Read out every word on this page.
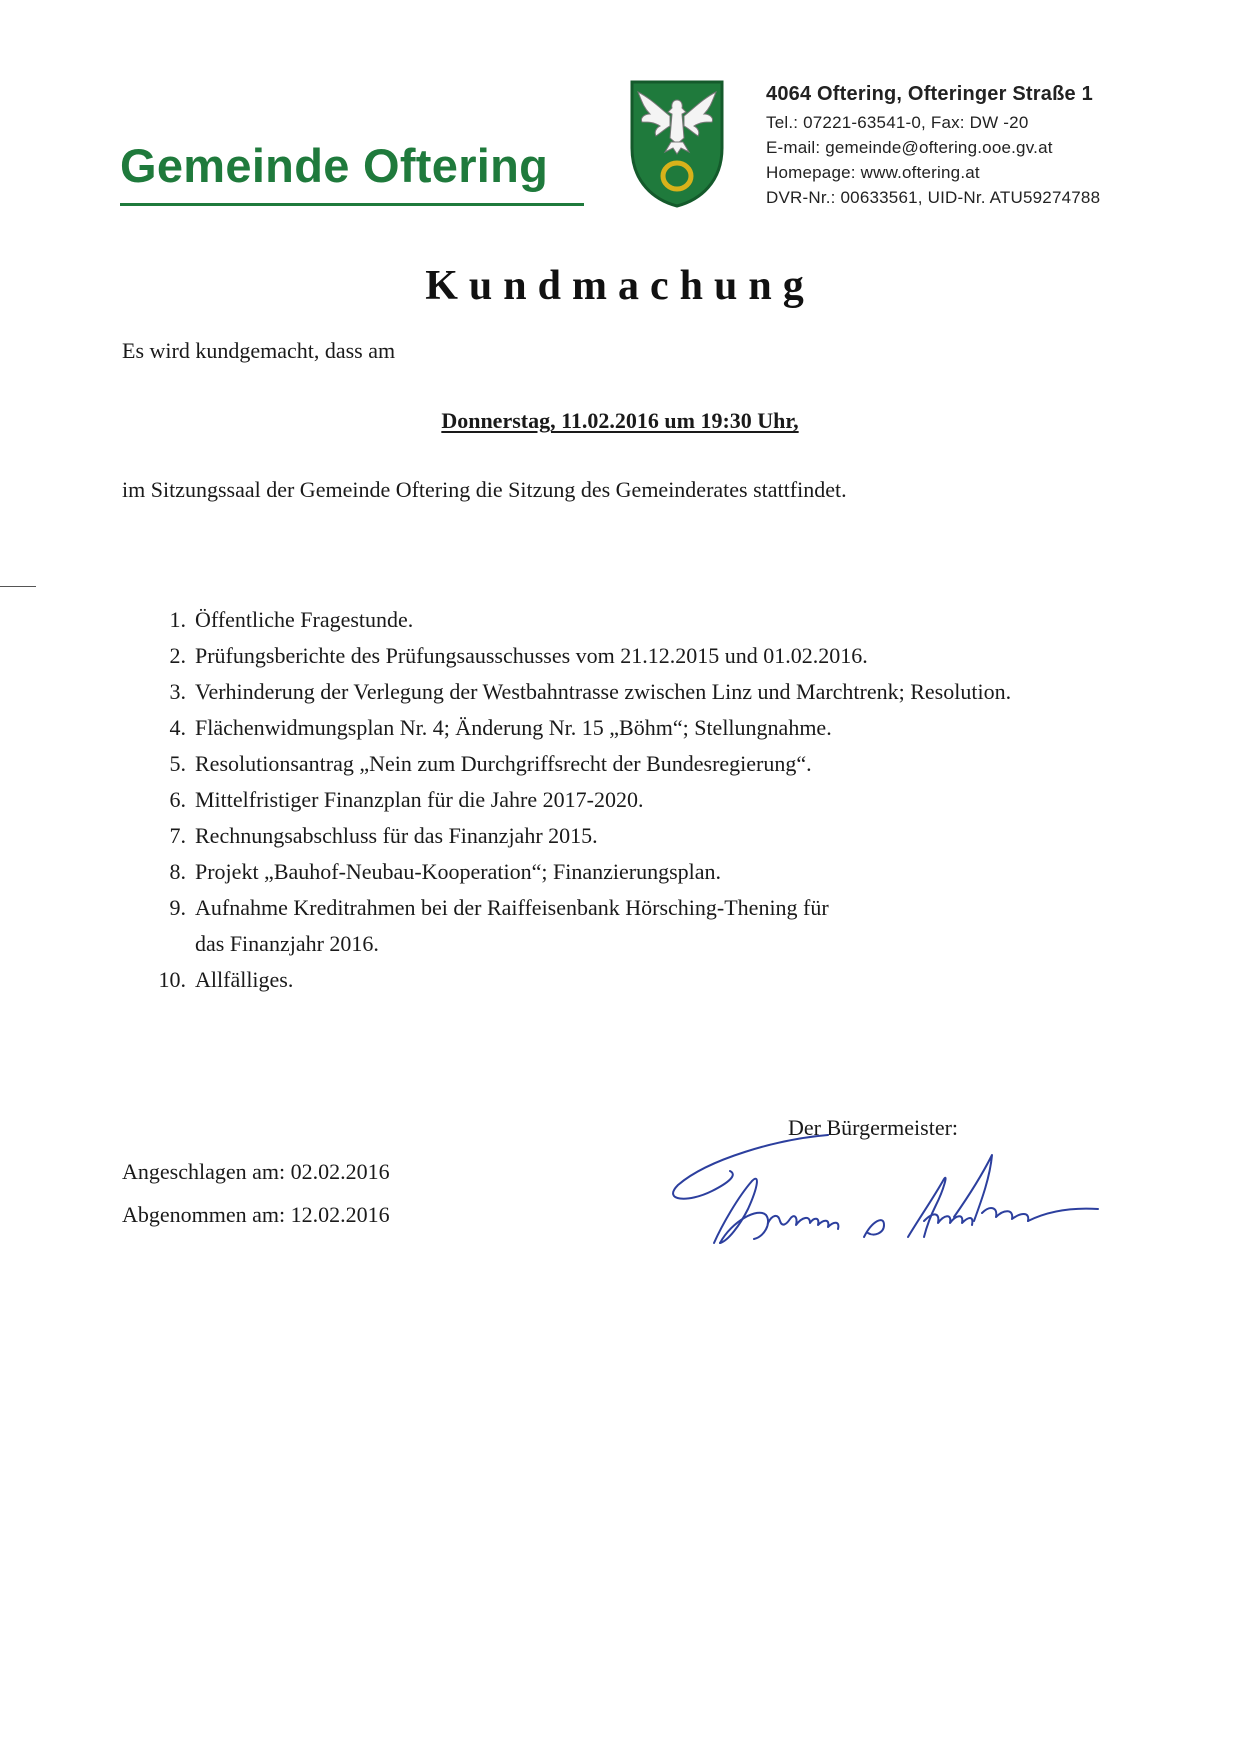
Gemeinde Oftering
4064 Oftering, Ofteringer Straße 1
Tel.: 07221-63541-0, Fax: DW -20
E-mail: gemeinde@oftering.ooe.gv.at
Homepage: www.oftering.at
DVR-Nr.: 00633561, UID-Nr. ATU59274788
Kundmachung
Es wird kundgemacht, dass am
Donnerstag, 11.02.2016 um 19:30 Uhr,
im Sitzungssaal der Gemeinde Oftering die Sitzung des Gemeinderates stattfindet.
1. Öffentliche Fragestunde.
2. Prüfungsberichte des Prüfungsausschusses vom 21.12.2015 und 01.02.2016.
3. Verhinderung der Verlegung der Westbahntrasse zwischen Linz und Marchtrenk; Resolution.
4. Flächenwidmungsplan Nr. 4; Änderung Nr. 15 „Böhm“; Stellungnahme.
5. Resolutionsantrag „Nein zum Durchgriffsrecht der Bundesregierung“.
6. Mittelfristiger Finanzplan für die Jahre 2017-2020.
7. Rechnungsabschluss für das Finanzjahr 2015.
8. Projekt „Bauhof-Neubau-Kooperation“; Finanzierungsplan.
9. Aufnahme Kreditrahmen bei der Raiffeisenbank Hörsching-Thening für
das Finanzjahr 2016.
10. Allfälliges.
Der Bürgermeister:
Angeschlagen am: 02.02.2016
Abgenommen am: 12.02.2016
